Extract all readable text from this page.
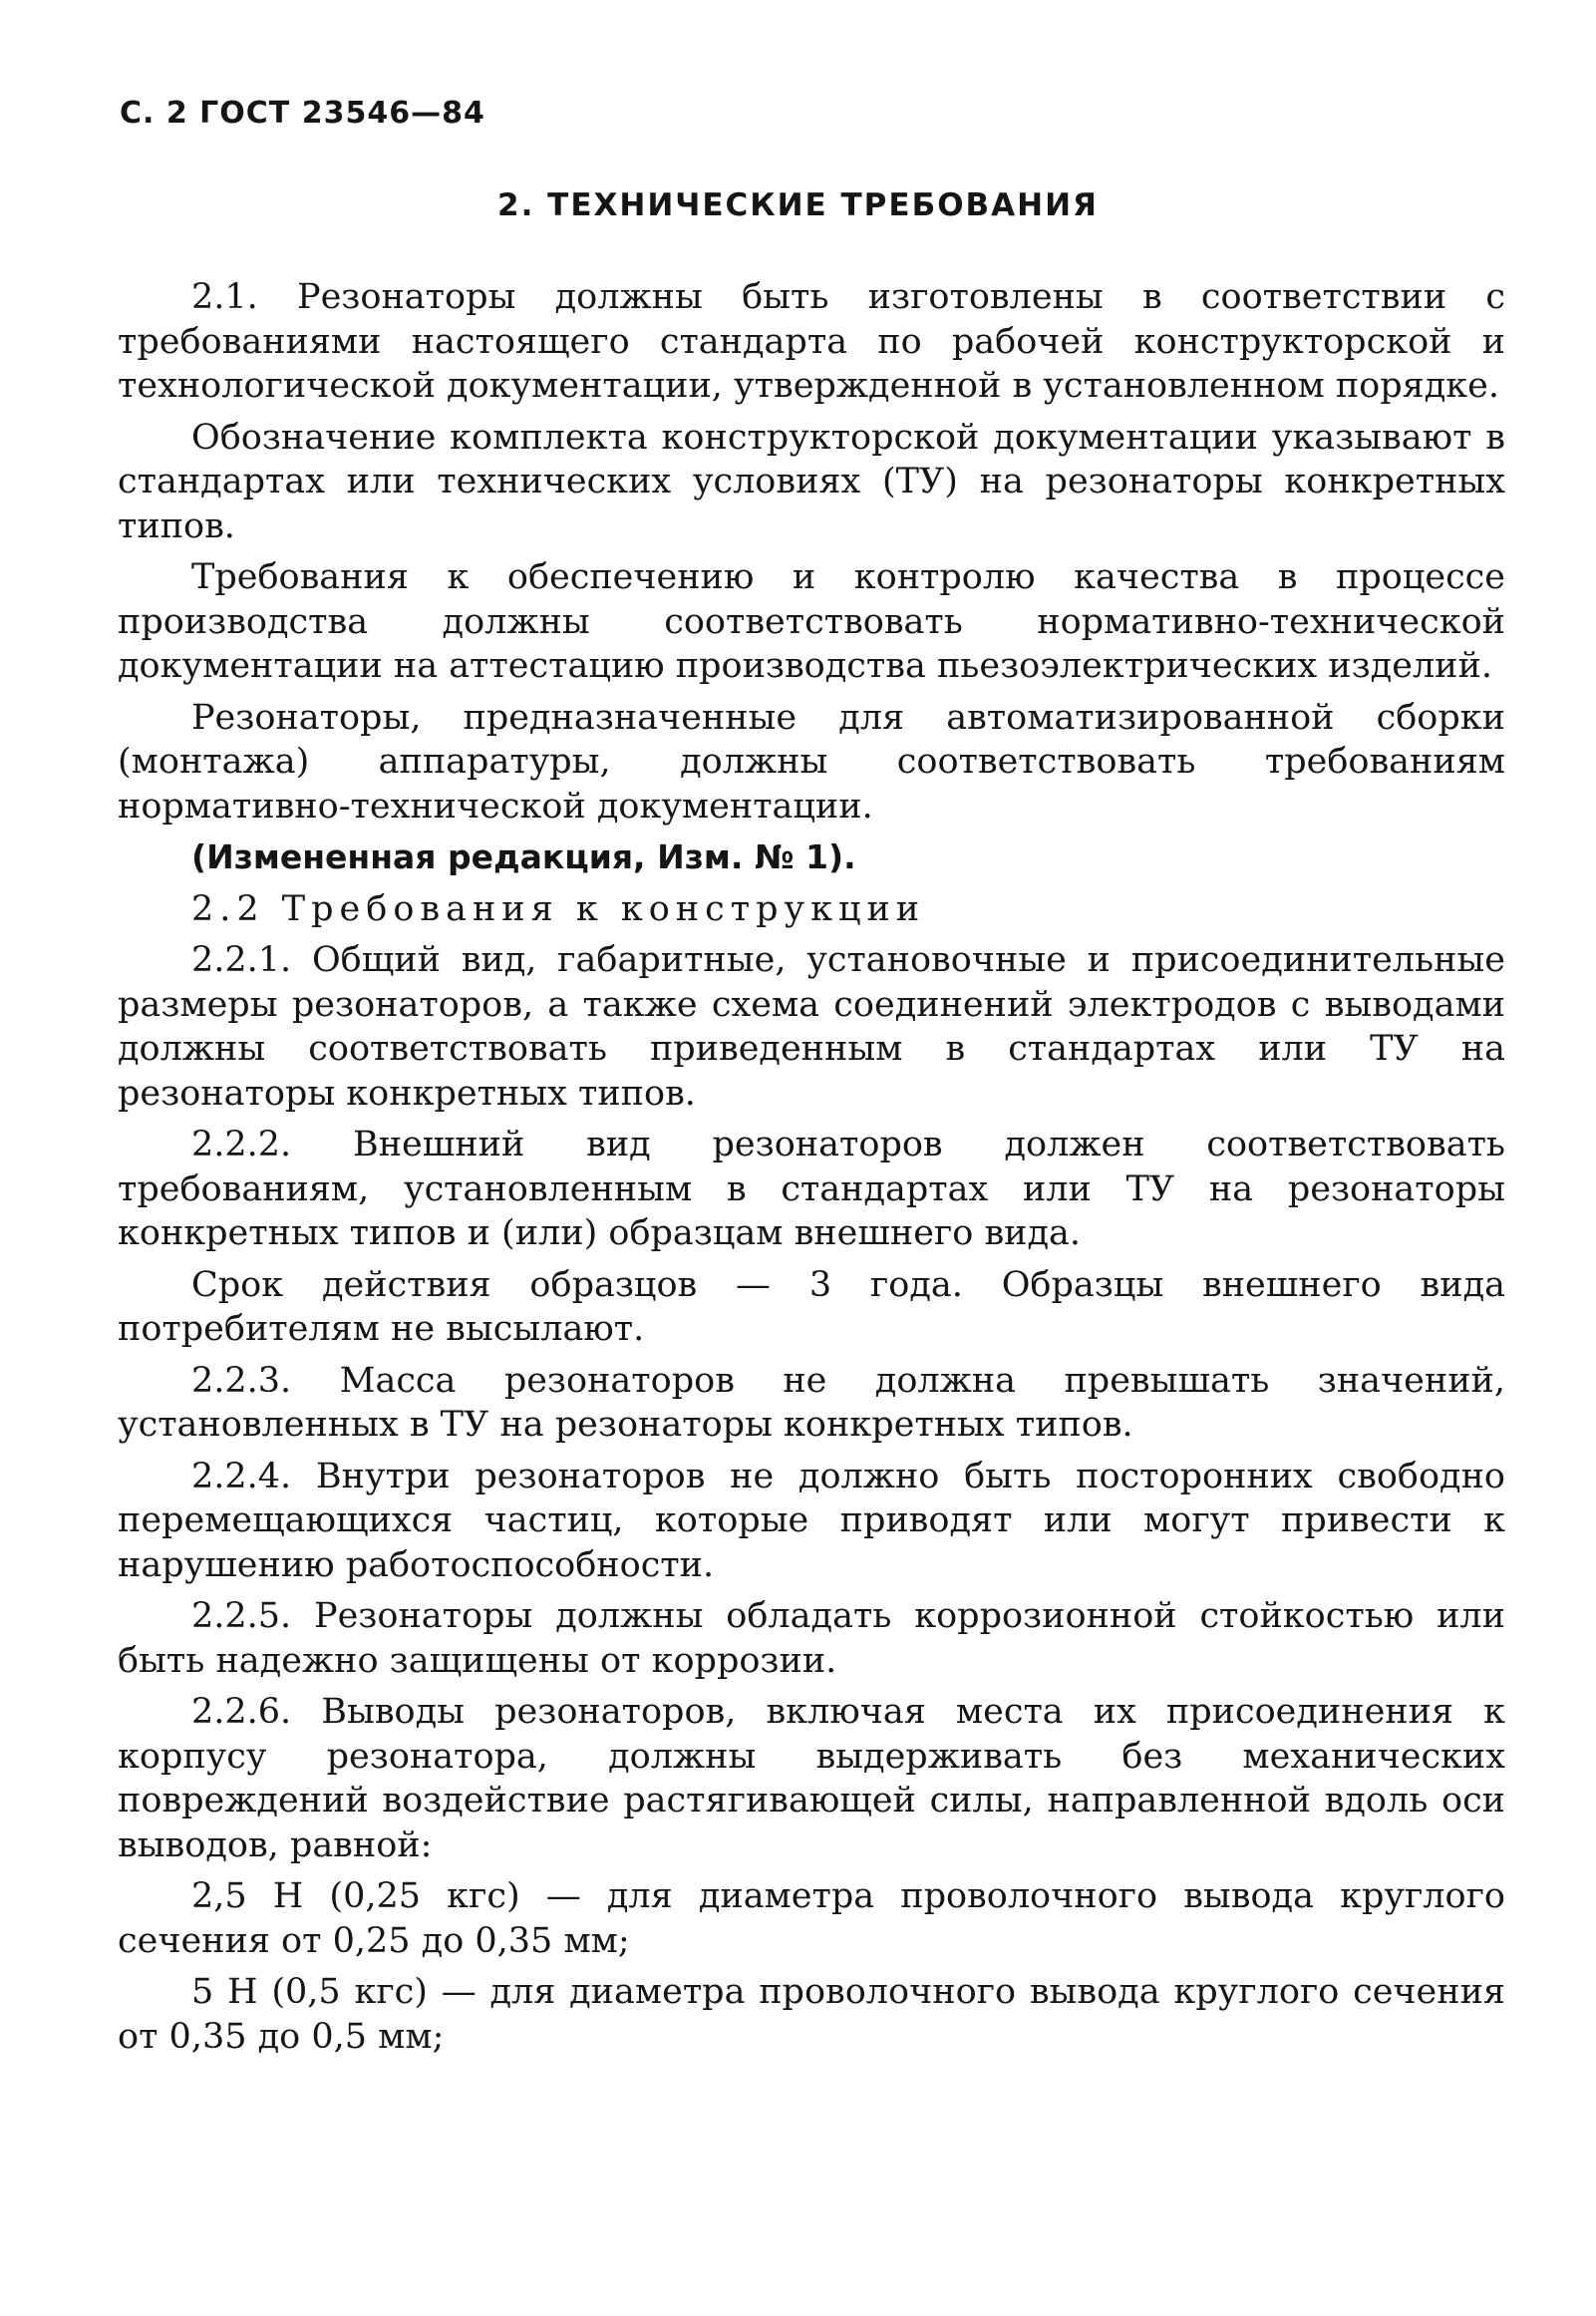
С. 2 ГОСТ 23546—84
2. ТЕХНИЧЕСКИЕ ТРЕБОВАНИЯ

2.1. Резонаторы должны быть изготовлены в соответствии с требованиями настоящего стандарта по рабочей конструкторской и технологической документации, утвержденной в установленном порядке.

Обозначение комплекта конструкторской документации указывают в стандартах или технических условиях (ТУ) на резонаторы конкретных типов.

Требования к обеспечению и контролю качества в процессе производства должны соответствовать нормативно-технической документации на аттестацию производства пьезоэлектрических изделий.

Резонаторы, предназначенные для автоматизированной сборки (монтажа) аппаратуры, должны соответствовать требованиям нормативно-технической документации.

(Измененная редакция, Изм. № 1).

2.2 Требования к конструкции

2.2.1. Общий вид, габаритные, установочные и присоединительные размеры резонаторов, а также схема соединений электродов с выводами должны соответствовать приведенным в стандартах или ТУ на резонаторы конкретных типов.

2.2.2. Внешний вид резонаторов должен соответствовать требованиям, установленным в стандартах или ТУ на резонаторы конкретных типов и (или) образцам внешнего вида.

Срок действия образцов — 3 года. Образцы внешнего вида потребителям не высылают.

2.2.3. Масса резонаторов не должна превышать значений, установленных в ТУ на резонаторы конкретных типов.

2.2.4. Внутри резонаторов не должно быть посторонних свободно перемещающихся частиц, которые приводят или могут привести к нарушению работоспособности.

2.2.5. Резонаторы должны обладать коррозионной стойкостью или быть надежно защищены от коррозии.

2.2.6. Выводы резонаторов, включая места их присоединения к корпусу резонатора, должны выдерживать без механических повреждений воздействие растягивающей силы, направленной вдоль оси выводов, равной:

2,5 Н (0,25 кгс) — для диаметра проволочного вывода круглого сечения от 0,25 до 0,35 мм;

5 Н (0,5 кгс) — для диаметра проволочного вывода круглого сечения от 0,35 до 0,5 мм;
